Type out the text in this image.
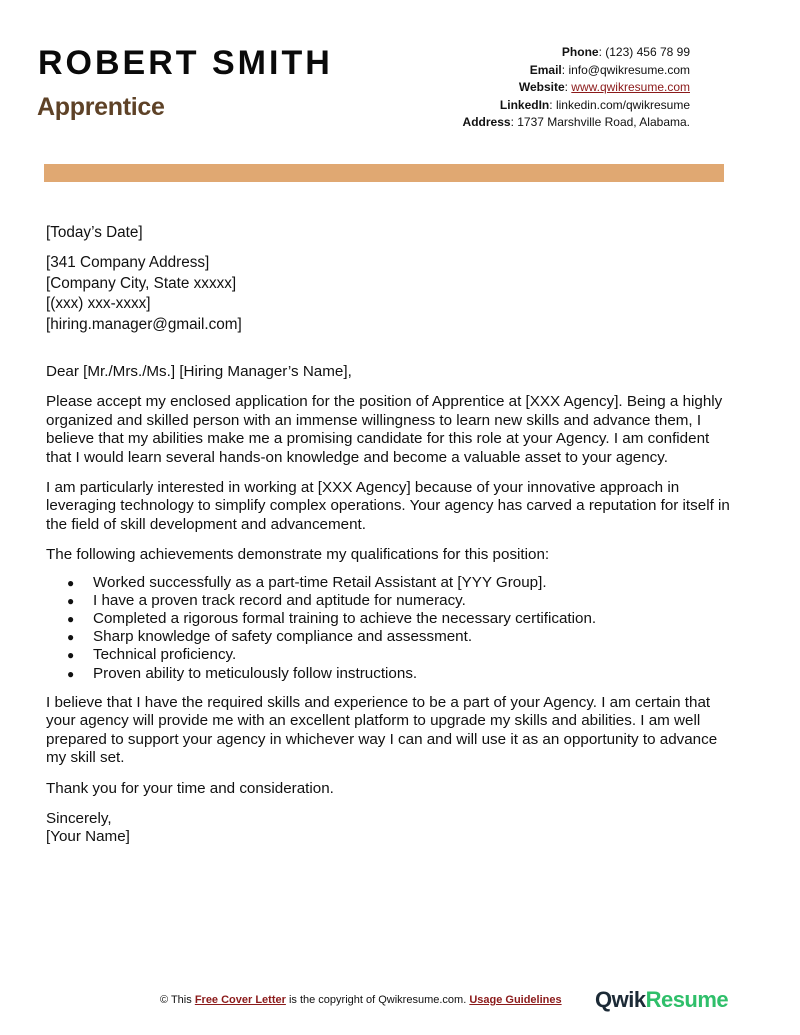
ROBERT SMITH
Apprentice
Phone: (123) 456 78 99
Email: info@qwikresume.com
Website: www.qwikresume.com
LinkedIn: linkedin.com/qwikresume
Address: 1737 Marshville Road, Alabama.
[Today’s Date]
[341 Company Address]
[Company City, State xxxxx]
[(xxx) xxx-xxxx]
[hiring.manager@gmail.com]

Dear [Mr./Mrs./Ms.] [Hiring Manager’s Name],

Please accept my enclosed application for the position of Apprentice at [XXX Agency]. Being a highly organized and skilled person with an immense willingness to learn new skills and advance them, I believe that my abilities make me a promising candidate for this role at your Agency. I am confident that I would learn several hands-on knowledge and become a valuable asset to your agency.

I am particularly interested in working at [XXX Agency] because of your innovative approach in leveraging technology to simplify complex operations. Your agency has carved a reputation for itself in the field of skill development and advancement.

The following achievements demonstrate my qualifications for this position:

● Worked successfully as a part-time Retail Assistant at [YYY Group].
● I have a proven track record and aptitude for numeracy.
● Completed a rigorous formal training to achieve the necessary certification.
● Sharp knowledge of safety compliance and assessment.
● Technical proficiency.
● Proven ability to meticulously follow instructions.

I believe that I have the required skills and experience to be a part of your Agency. I am certain that your agency will provide me with an excellent platform to upgrade my skills and abilities. I am well prepared to support your agency in whichever way I can and will use it as an opportunity to advance my skill set.

Thank you for your time and consideration.

Sincerely,
[Your Name]
© This Free Cover Letter is the copyright of Qwikresume.com. Usage Guidelines	QwikResume
